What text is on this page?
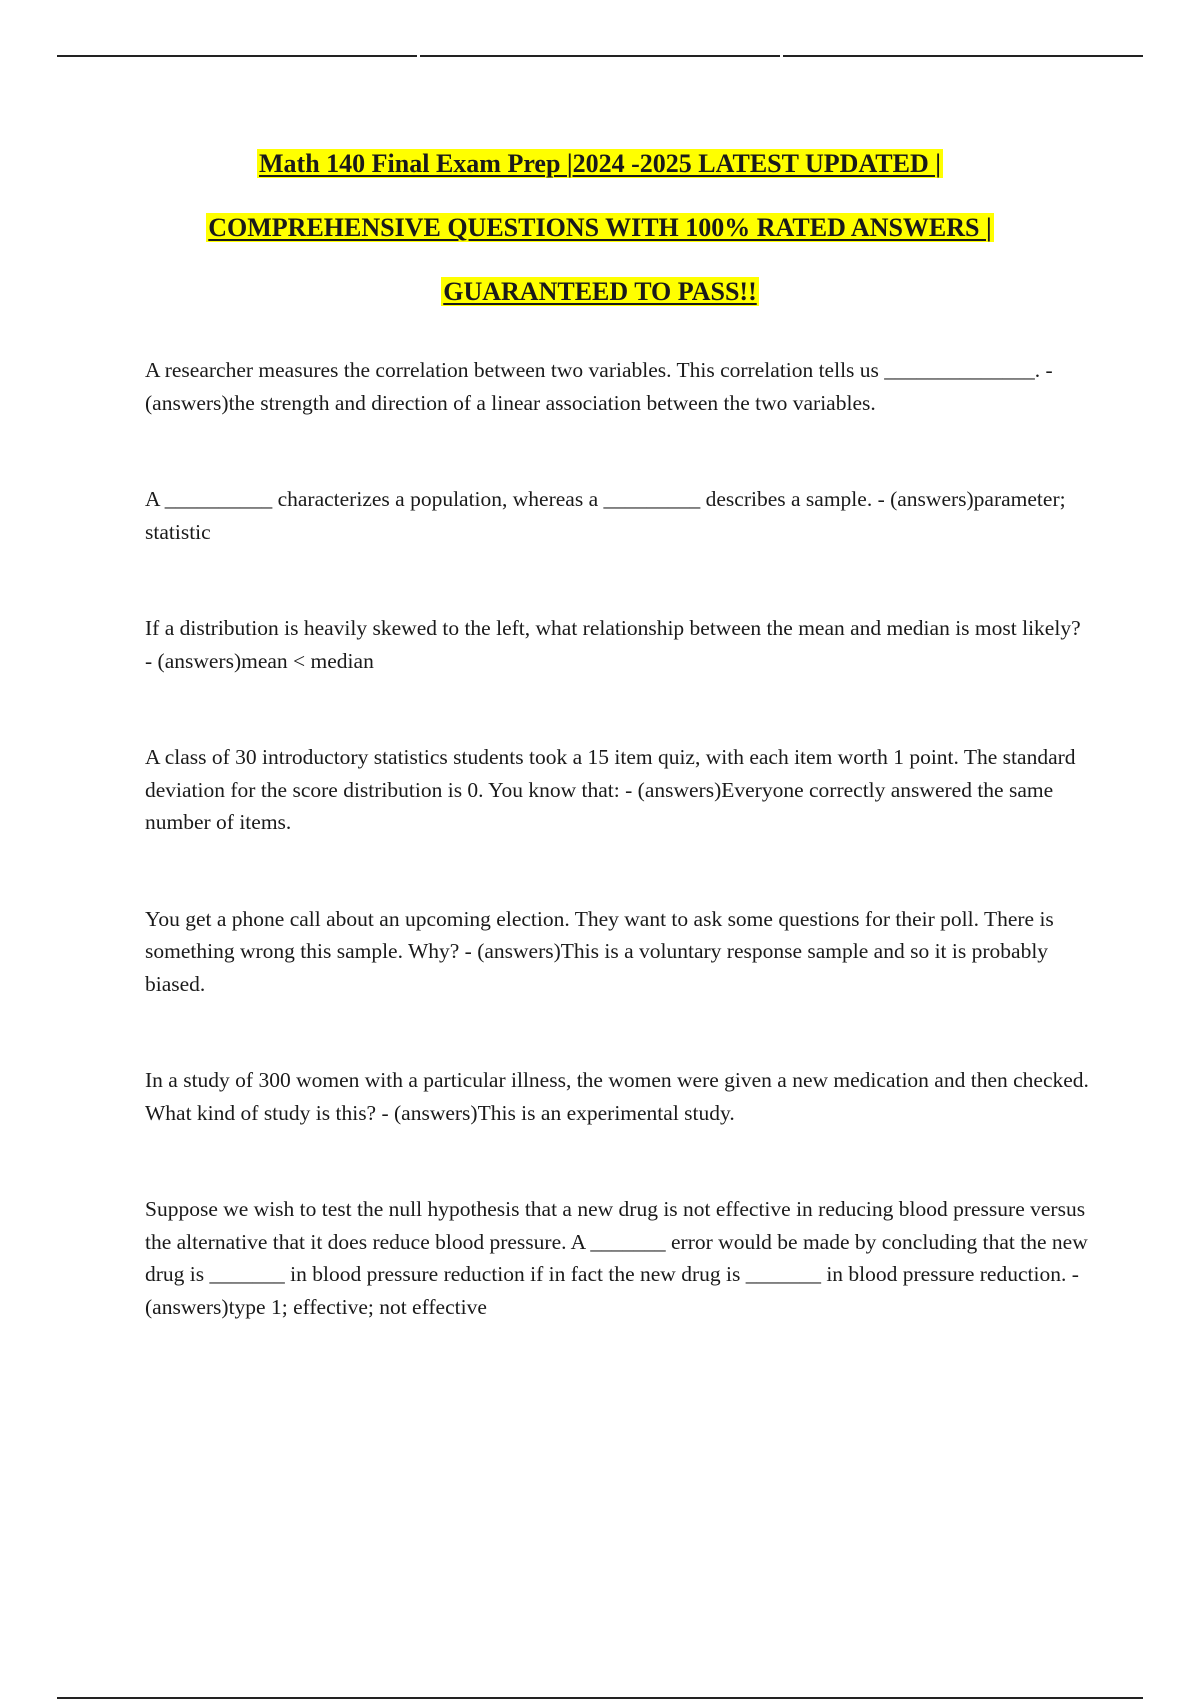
Math 140 Final Exam Prep |2024 -2025 LATEST UPDATED |
COMPREHENSIVE QUESTIONS WITH 100% RATED ANSWERS |
GUARANTEED TO PASS!!

A researcher measures the correlation between two variables. This correlation tells us ______________. - (answers)the strength and direction of a linear association between the two variables.

A __________ characterizes a population, whereas a _________ describes a sample. - (answers)parameter; statistic

If a distribution is heavily skewed to the left, what relationship between the mean and median is most likely? - (answers)mean < median

A class of 30 introductory statistics students took a 15 item quiz, with each item worth 1 point. The standard deviation for the score distribution is 0. You know that: - (answers)Everyone correctly answered the same number of items.

You get a phone call about an upcoming election. They want to ask some questions for their poll. There is something wrong this sample. Why? - (answers)This is a voluntary response sample and so it is probably biased.

In a study of 300 women with a particular illness, the women were given a new medication and then checked. What kind of study is this? - (answers)This is an experimental study.

Suppose we wish to test the null hypothesis that a new drug is not effective in reducing blood pressure versus the alternative that it does reduce blood pressure. A _______ error would be made by concluding that the new drug is _______ in blood pressure reduction if in fact the new drug is _______ in blood pressure reduction. - (answers)type 1; effective; not effective
